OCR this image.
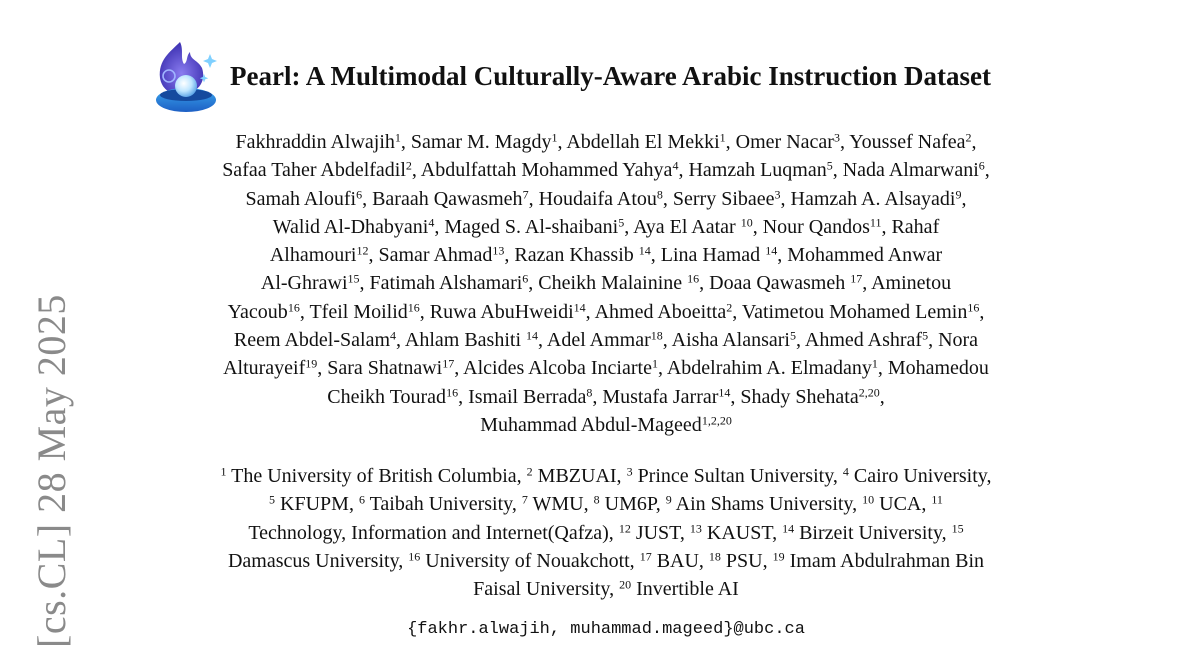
[cs.CL] 28 May 2025
Pearl: A Multimodal Culturally-Aware Arabic Instruction Dataset
Fakhraddin Alwajih$^1$, Samar M. Magdy$^1$, Abdellah El Mekki$^1$, Omer Nacar$^3$, Youssef Nafea$^2$,
Safaa Taher Abdelfadil$^2$, Abdulfattah Mohammed Yahya$^4$, Hamzah Luqman$^5$, Nada Almarwani$^6$,
Samah Aloufi$^6$, Baraah Qawasmeh$^7$, Houdaifa Atou$^8$, Serry Sibaee$^3$, Hamzah A. Alsayadi$^9$,
Walid Al-Dhabyani$^4$, Maged S. Al-shaibani$^5$, Aya El Aatar $^{10}$, Nour Qandos$^{11}$, Rahaf
Alhamouri$^{12}$, Samar Ahmad$^{13}$, Razan Khassib $^{14}$, Lina Hamad $^{14}$, Mohammed Anwar
Al-Ghrawi$^{15}$, Fatimah Alshamari$^6$, Cheikh Malainine $^{16}$, Doaa Qawasmeh $^{17}$, Aminetou
Yacoub$^{16}$, Tfeil Moilid$^{16}$, Ruwa AbuHweidi$^{14}$, Ahmed Aboeitta$^2$, Vatimetou Mohamed Lemin$^{16}$,
Reem Abdel-Salam$^4$, Ahlam Bashiti $^{14}$, Adel Ammar$^{18}$, Aisha Alansari$^5$, Ahmed Ashraf$^5$, Nora
Alturayeif$^{19}$, Sara Shatnawi$^{17}$, Alcides Alcoba Inciarte$^1$, Abdelrahim A. Elmadany$^1$, Mohamedou
Cheikh Tourad$^{16}$, Ismail Berrada$^8$, Mustafa Jarrar$^{14}$, Shady Shehata$^{2,20}$,
Muhammad Abdul-Mageed$^{1,2,20}$
$^1$ The University of British Columbia, $^2$ MBZUAI, $^3$ Prince Sultan University, $^4$ Cairo University,
$^5$ KFUPM, $^6$ Taibah University, $^7$ WMU, $^8$ UM6P, $^9$ Ain Shams University, $^{10}$ UCA, $^{11}$
Technology, Information and Internet(Qafza), $^{12}$ JUST, $^{13}$ KAUST, $^{14}$ Birzeit University, $^{15}$
Damascus University, $^{16}$ University of Nouakchott, $^{17}$ BAU, $^{18}$ PSU, $^{19}$ Imam Abdulrahman Bin
Faisal University, $^{20}$ Invertible AI
{fakhr.alwajih, muhammad.mageed}@ubc.ca
